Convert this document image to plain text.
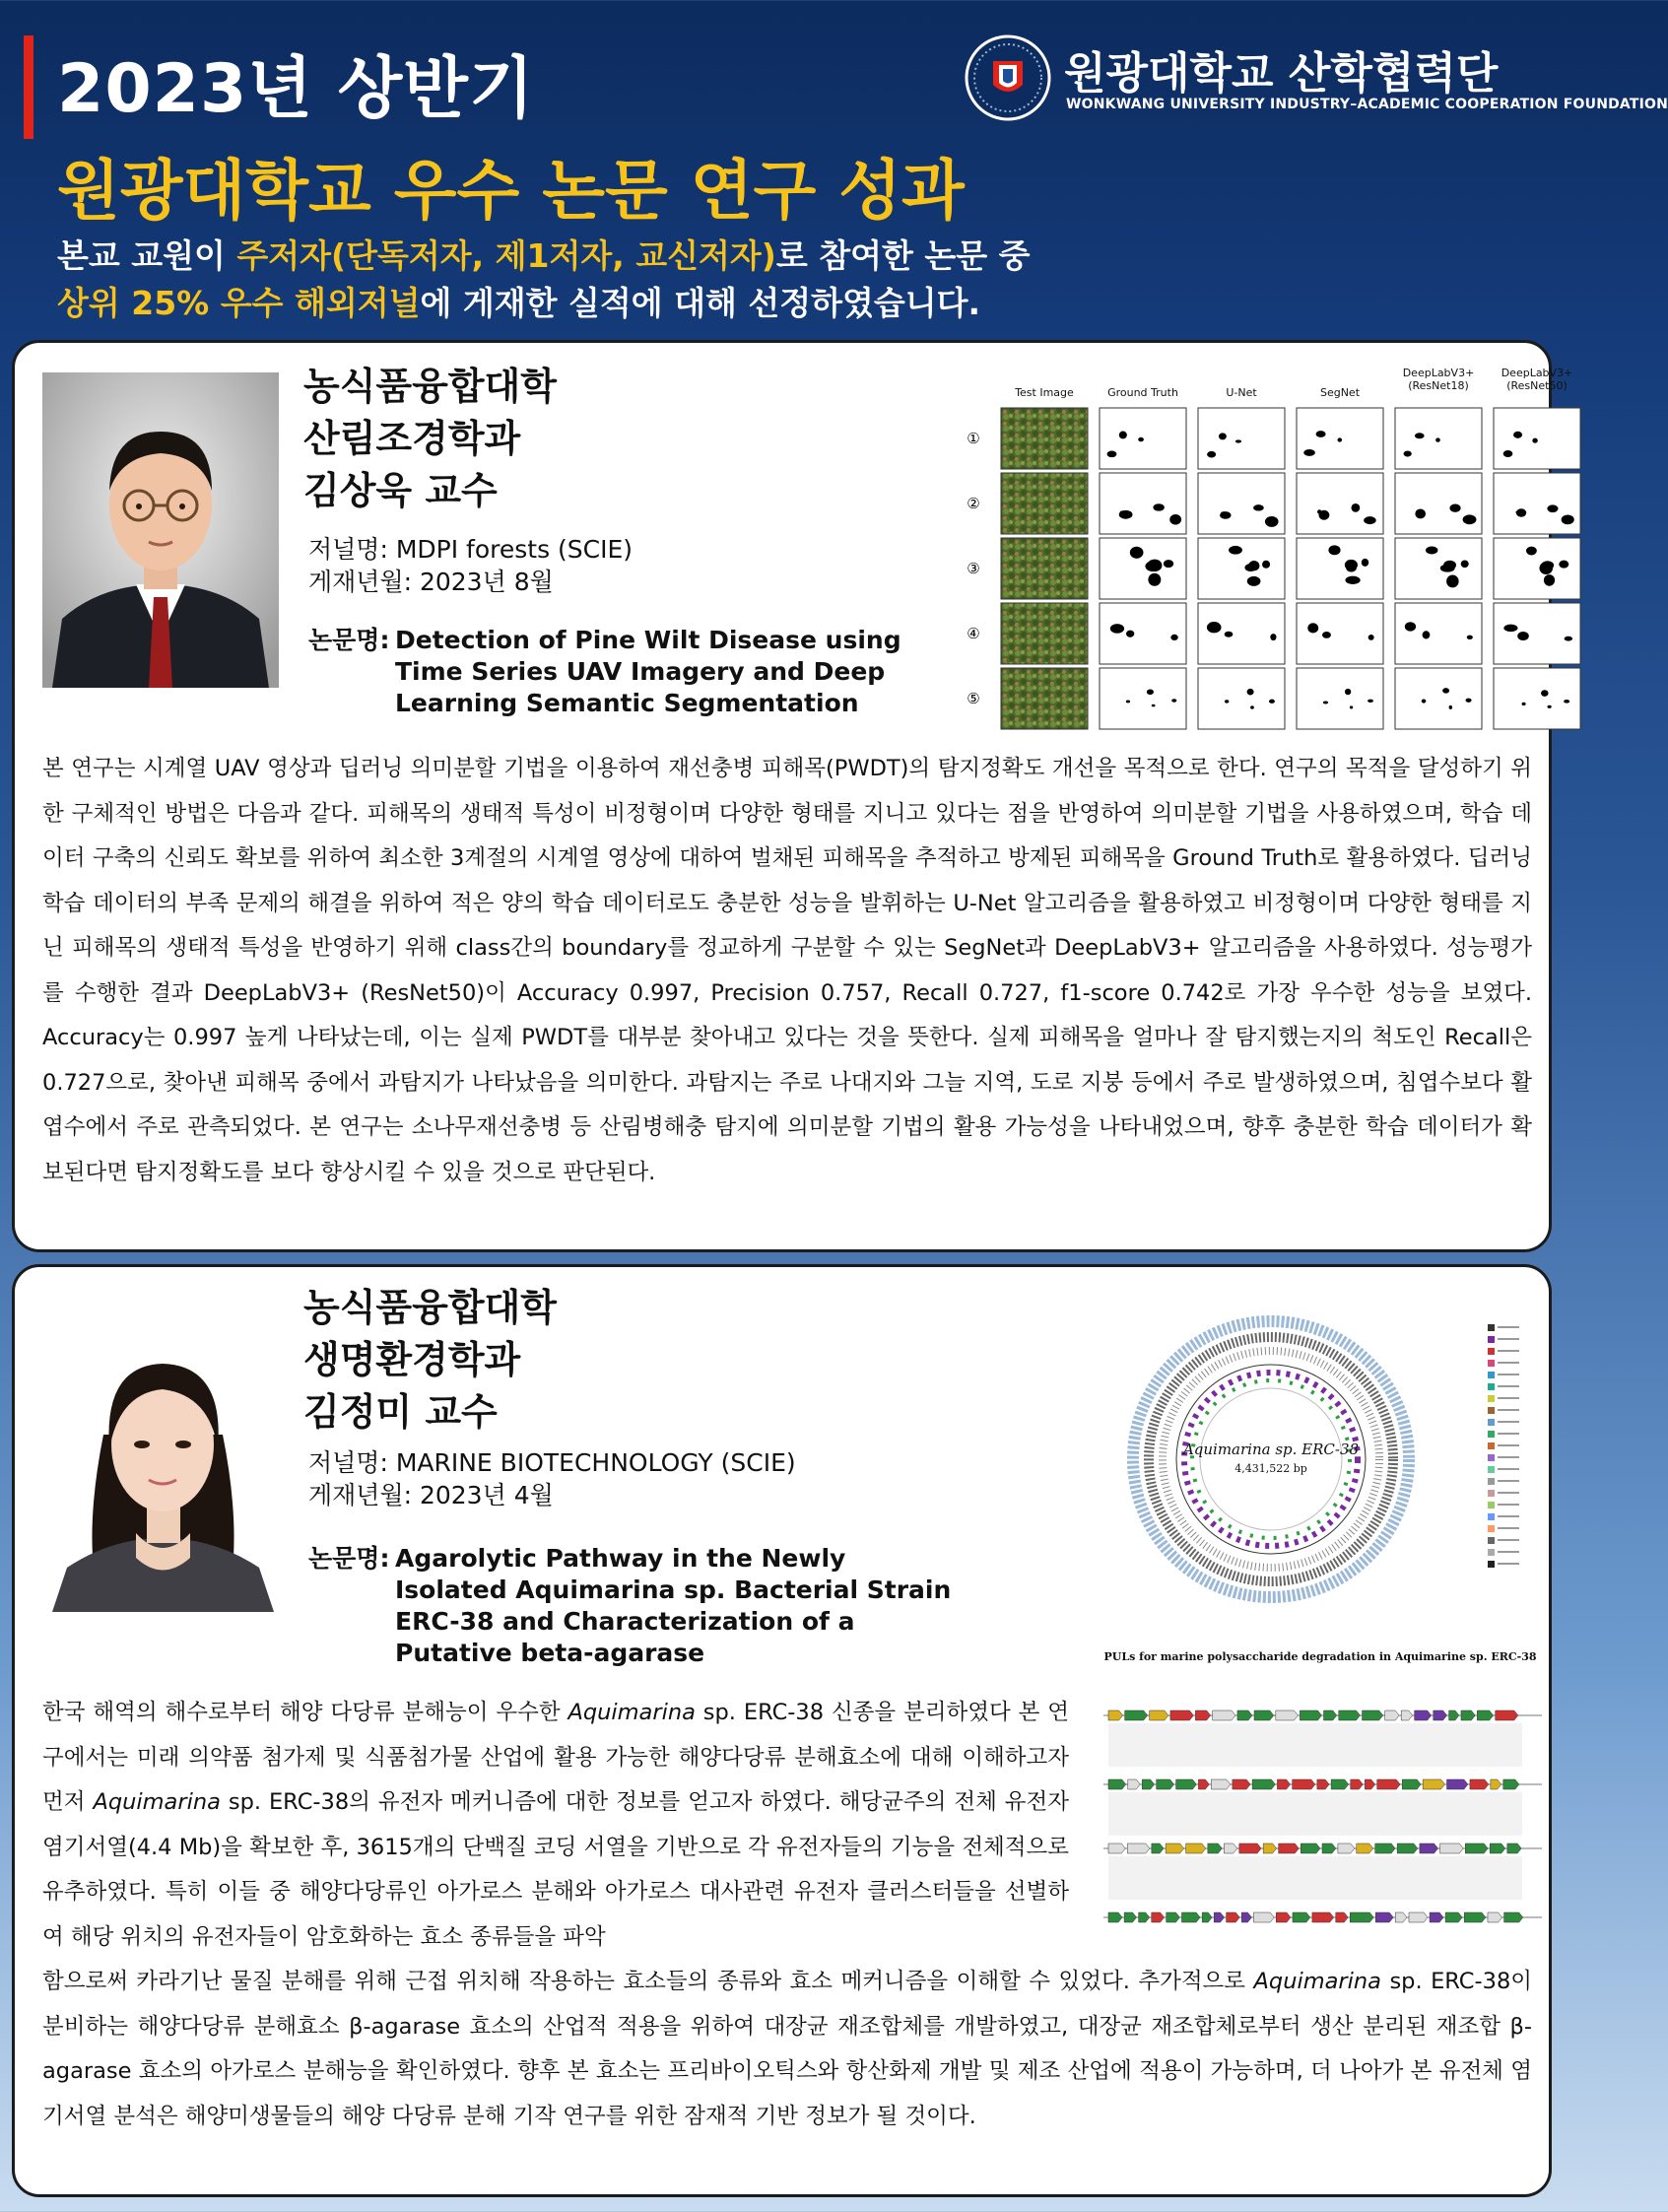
2023년 상반기
원광대학교 우수 논문 연구 성과
본교 교원이 주저자(단독저자, 제1저자, 교신저자)로 참여한 논문 중
상위 25% 우수 해외저널에 게재한 실적에 대해 선정하였습니다.
원광대학교 산학협력단
WONKWANG UNIVERSITY INDUSTRY–ACADEMIC COOPERATION FOUNDATION
농식품융합대학
산림조경학과
김상욱 교수
저널명: MDPI forests (SCIE)
게재년월: 2023년 8월
논문명: Detection of Pine Wilt Disease using Time Series UAV Imagery and Deep Learning Semantic Segmentation
Test Image	Ground Truth	U-Net	SegNet
DeepLabV3+
(ResNet18)
DeepLabV3+
(ResNet50)
①
②
③
④
⑤
본 연구는 시계열 UAV 영상과 딥러닝 의미분할 기법을 이용하여 재선충병 피해목(PWDT)의 탐지정확도 개선을 목적으로 한다. 연구의 목적을 달성하기 위한 구체적인 방법은 다음과 같다. 피해목의 생태적 특성이 비정형이며 다양한 형태를 지니고 있다는 점을 반영하여 의미분할 기법을 사용하였으며, 학습 데이터 구축의 신뢰도 확보를 위하여 최소한 3계절의 시계열 영상에 대하여 벌채된 피해목을 추적하고 방제된 피해목을 Ground Truth로 활용하였다. 딥러닝 학습 데이터의 부족 문제의 해결을 위하여 적은 양의 학습 데이터로도 충분한 성능을 발휘하는 U-Net 알고리즘을 활용하였고 비정형이며 다양한 형태를 지닌 피해목의 생태적 특성을 반영하기 위해 class간의 boundary를 정교하게 구분할 수 있는 SegNet과 DeepLabV3+ 알고리즘을 사용하였다. 성능평가를 수행한 결과 DeepLabV3+ (ResNet50)이 Accuracy 0.997, Precision 0.757, Recall 0.727, f1-score 0.742로 가장 우수한 성능을 보였다. Accuracy는 0.997 높게 나타났는데, 이는 실제 PWDT를 대부분 찾아내고 있다는 것을 뜻한다. 실제 피해목을 얼마나 잘 탐지했는지의 척도인 Recall은 0.727으로, 찾아낸 피해목 중에서 과탐지가 나타났음을 의미한다. 과탐지는 주로 나대지와 그늘 지역, 도로 지붕 등에서 주로 발생하였으며, 침엽수보다 활엽수에서 주로 관측되었다. 본 연구는 소나무재선충병 등 산림병해충 탐지에 의미분할 기법의 활용 가능성을 나타내었으며, 향후 충분한 학습 데이터가 확보된다면 탐지정확도를 보다 향상시킬 수 있을 것으로 판단된다.
농식품융합대학
생명환경학과
김정미 교수
저널명: MARINE BIOTECHNOLOGY (SCIE)
게재년월: 2023년 4월
논문명: Agarolytic Pathway in the Newly Isolated Aquimarina sp. Bacterial Strain ERC-38 and Characterization of a Putative beta-agarase
Aquimarina sp. ERC-38
4,431,522 bp
PULs for marine polysaccharide degradation in Aquimarine sp. ERC-38
한국 해역의 해수로부터 해양 다당류 분해능이 우수한 Aquimarina sp. ERC-38 신종을 분리하였다 본 연구에서는 미래 의약품 첨가제 및 식품첨가물 산업에 활용 가능한 해양다당류 분해효소에 대해 이해하고자 먼저 Aquimarina sp. ERC-38의 유전자 메커니즘에 대한 정보를 얻고자 하였다. 해당균주의 전체 유전자 염기서열(4.4 Mb)을 확보한 후, 3615개의 단백질 코딩 서열을 기반으로 각 유전자들의 기능을 전체적으로 유추하였다. 특히 이들 중 해양다당류인 아가로스 분해와 아가로스 대사관련 유전자 클러스터들을 선별하여 해당 위치의 유전자들이 암호화하는 효소 종류들을 파악
함으로써 카라기난 물질 분해를 위해 근접 위치해 작용하는 효소들의 종류와 효소 메커니즘을 이해할 수 있었다. 추가적으로 Aquimarina sp. ERC-38이 분비하는 해양다당류 분해효소 β-agarase 효소의 산업적 적용을 위하여 대장균 재조합체를 개발하였고, 대장균 재조합체로부터 생산 분리된 재조합 β-agarase 효소의 아가로스 분해능을 확인하였다. 향후 본 효소는 프리바이오틱스와 항산화제 개발 및 제조 산업에 적용이 가능하며, 더 나아가 본 유전체 염기서열 분석은 해양미생물들의 해양 다당류 분해 기작 연구를 위한 잠재적 기반 정보가 될 것이다.
